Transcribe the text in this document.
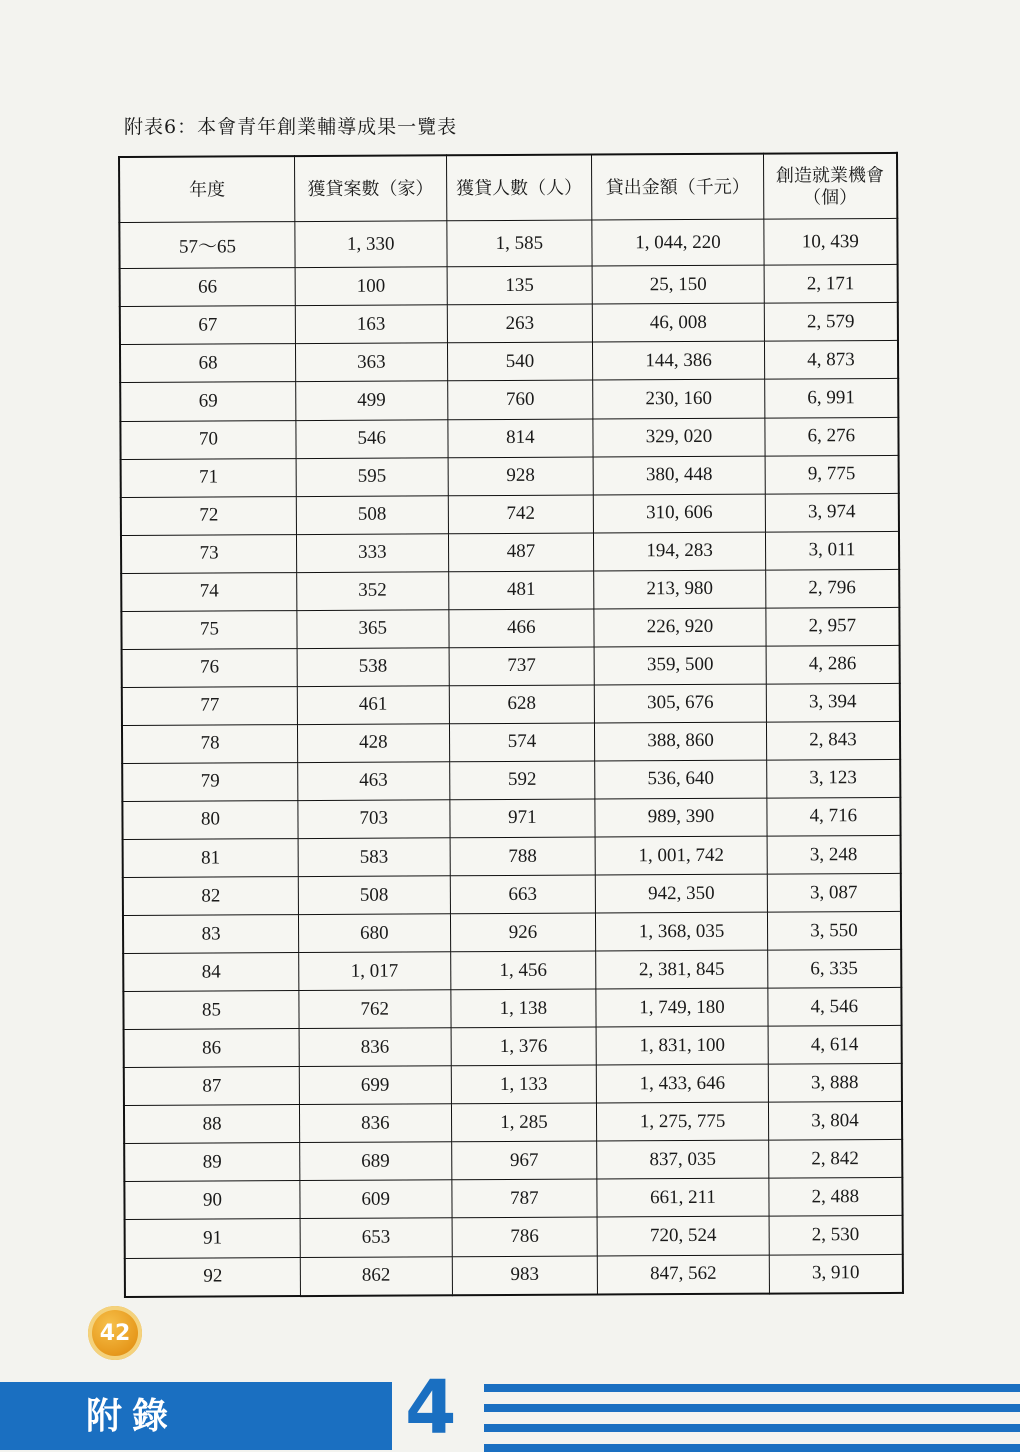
附表6：本會青年創業輔導成果一覽表
年度	獲貸案數（家）	獲貸人數（人）	貸出金額（千元）	創造就業機會（個）
57～65	1, 330	1, 585	1, 044, 220	10, 439
66	100	135	25, 150	2, 171
67	163	263	46, 008	2, 579
68	363	540	144, 386	4, 873
69	499	760	230, 160	6, 991
70	546	814	329, 020	6, 276
71	595	928	380, 448	9, 775
72	508	742	310, 606	3, 974
73	333	487	194, 283	3, 011
74	352	481	213, 980	2, 796
75	365	466	226, 920	2, 957
76	538	737	359, 500	4, 286
77	461	628	305, 676	3, 394
78	428	574	388, 860	2, 843
79	463	592	536, 640	3, 123
80	703	971	989, 390	4, 716
81	583	788	1, 001, 742	3, 248
82	508	663	942, 350	3, 087
83	680	926	1, 368, 035	3, 550
84	1, 017	1, 456	2, 381, 845	6, 335
85	762	1, 138	1, 749, 180	4, 546
86	836	1, 376	1, 831, 100	4, 614
87	699	1, 133	1, 433, 646	3, 888
88	836	1, 285	1, 275, 775	3, 804
89	689	967	837, 035	2, 842
90	609	787	661, 211	2, 488
91	653	786	720, 524	2, 530
92	862	983	847, 562	3, 910
42
附錄	4
